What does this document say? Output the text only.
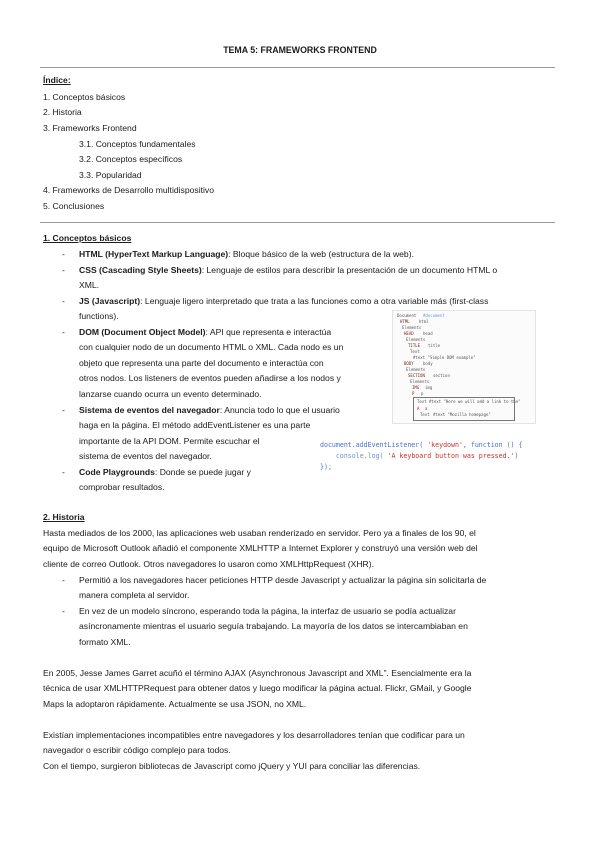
TEMA 5: FRAMEWORKS FRONTEND
Índice:
1. Conceptos básicos
2. Historia
3. Frameworks Frontend
3.1. Conceptos fundamentales
3.2. Conceptos específicos
3.3. Popularidad
4. Frameworks de Desarrollo multidispositivo
5. Conclusiones
1. Conceptos básicos
- HTML (HyperText Markup Language): Bloque básico de la web (estructura de la web).
- CSS (Cascading Style Sheets): Lenguaje de estilos para describir la presentación de un documento HTML o
XML.
- JS (Javascript): Lenguaje ligero interpretado que trata a las funciones como a otra variable más (first-class
functions).
- DOM (Document Object Model): API que representa e interactúa
con cualquier nodo de un documento HTML o XML. Cada nodo es un
objeto que representa una parte del documento e interactúa con
otros nodos. Los listeners de eventos pueden añadirse a los nodos y
lanzarse cuando ocurra un evento determinado.
- Sistema de eventos del navegador: Anuncia todo lo que el usuario
haga en la página. El método addEventListener es una parte
importante de la API DOM. Permite escuchar el
sistema de eventos del navegador.
- Code Playgrounds: Donde se puede jugar y
comprobar resultados.
Document #document
HTML html
Elements
HEAD head
Elements
TITLE title
Text
#text "Simple DOM example"
BODY body
Elements
SECTION section
Elements
IMG img
P p
Text #text "Here we will add a link to the"
A a
Text #text "Mozilla homepage"
document.addEventListener( 'keydown', function () {
console.log( 'A keyboard button was pressed.')
});
2. Historia
Hasta mediados de los 2000, las aplicaciones web usaban renderizado en servidor. Pero ya a finales de los 90, el
equipo de Microsoft Outlook añadió el componente XMLHTTP a Internet Explorer y construyó una versión web del
cliente de correo Outlook. Otros navegadores lo usaron como XMLHttpRequest (XHR).
- Permitió a los navegadores hacer peticiones HTTP desde Javascript y actualizar la página sin solicitarla de
manera completa al servidor.
- En vez de un modelo síncrono, esperando toda la página, la interfaz de usuario se podía actualizar
asíncronamente mientras el usuario seguía trabajando. La mayoría de los datos se intercambiaban en
formato XML.
En 2005, Jesse James Garret acuñó el término AJAX (Asynchronous Javascript and XML”. Esencialmente era la
técnica de usar XMLHTTPRequest para obtener datos y luego modificar la página actual. Flickr, GMail, y Google
Maps la adoptaron rápidamente. Actualmente se usa JSON, no XML.
Existían implementaciones incompatibles entre navegadores y los desarrolladores tenían que codificar para un
navegador o escribir código complejo para todos.
Con el tiempo, surgieron bibliotecas de Javascript como jQuery y YUI para conciliar las diferencias.
